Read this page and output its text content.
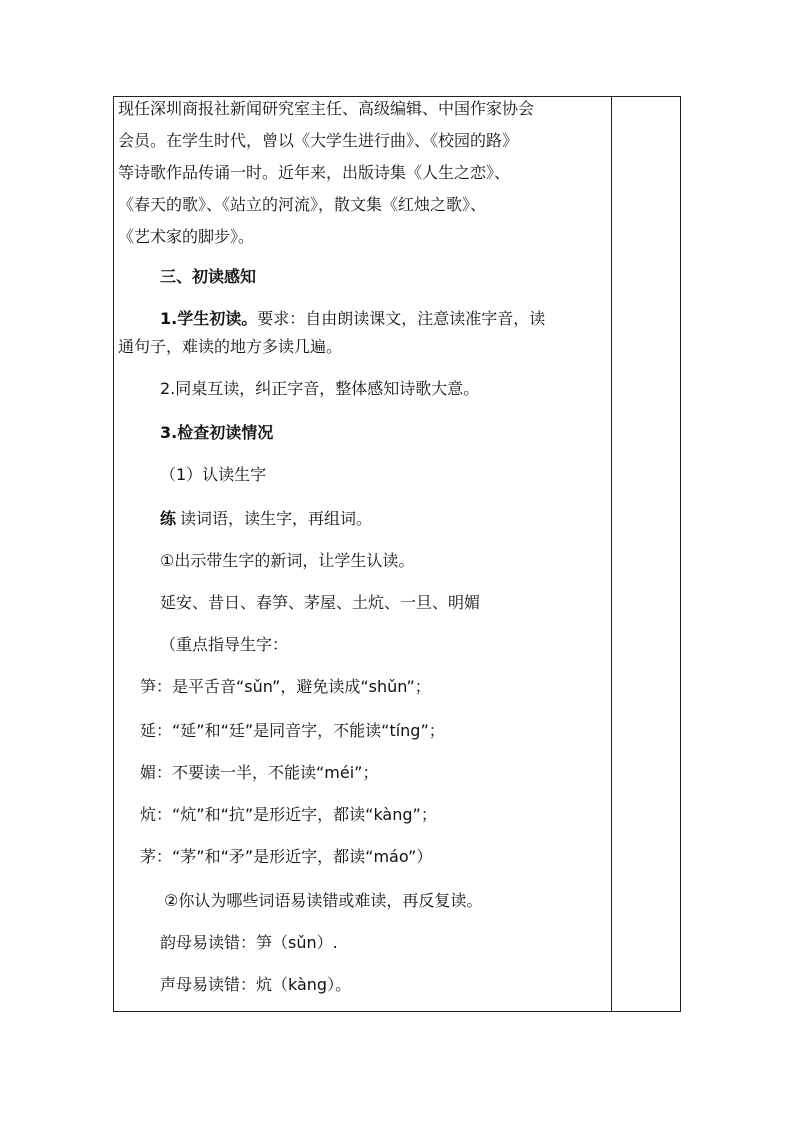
现任深圳商报社新闻研究室主任、高级编辑、中国作家协会
会员。在学生时代，曾以《大学生进行曲》、《校园的路》
等诗歌作品传诵一时。近年来，出版诗集《人生之恋》、
《春天的歌》、《站立的河流》，散文集《红烛之歌》、
《艺术家的脚步》。
三、初读感知
1.学生初读。要求：自由朗读课文，注意读准字音，读
通句子，难读的地方多读几遍。
2.同桌互读，纠正字音，整体感知诗歌大意。
3.检查初读情况
（1）认读生字
练 读词语，读生字，再组词。
①出示带生字的新词，让学生认读。
延安、昔日、春笋、茅屋、土炕、一旦、明媚
（重点指导生字：
笋：是平舌音“sǔn”，避免读成“shǔn”；
延：“延”和“廷”是同音字，不能读“tíng”；
媚：不要读一半，不能读“méi”；
炕：“炕”和“抗”是形近字，都读“kàng”；
茅：“茅”和“矛”是形近字，都读“máo”）
②你认为哪些词语易读错或难读，再反复读。
韵母易读错：笋（sǔn）.
声母易读错：炕（kàng）。
